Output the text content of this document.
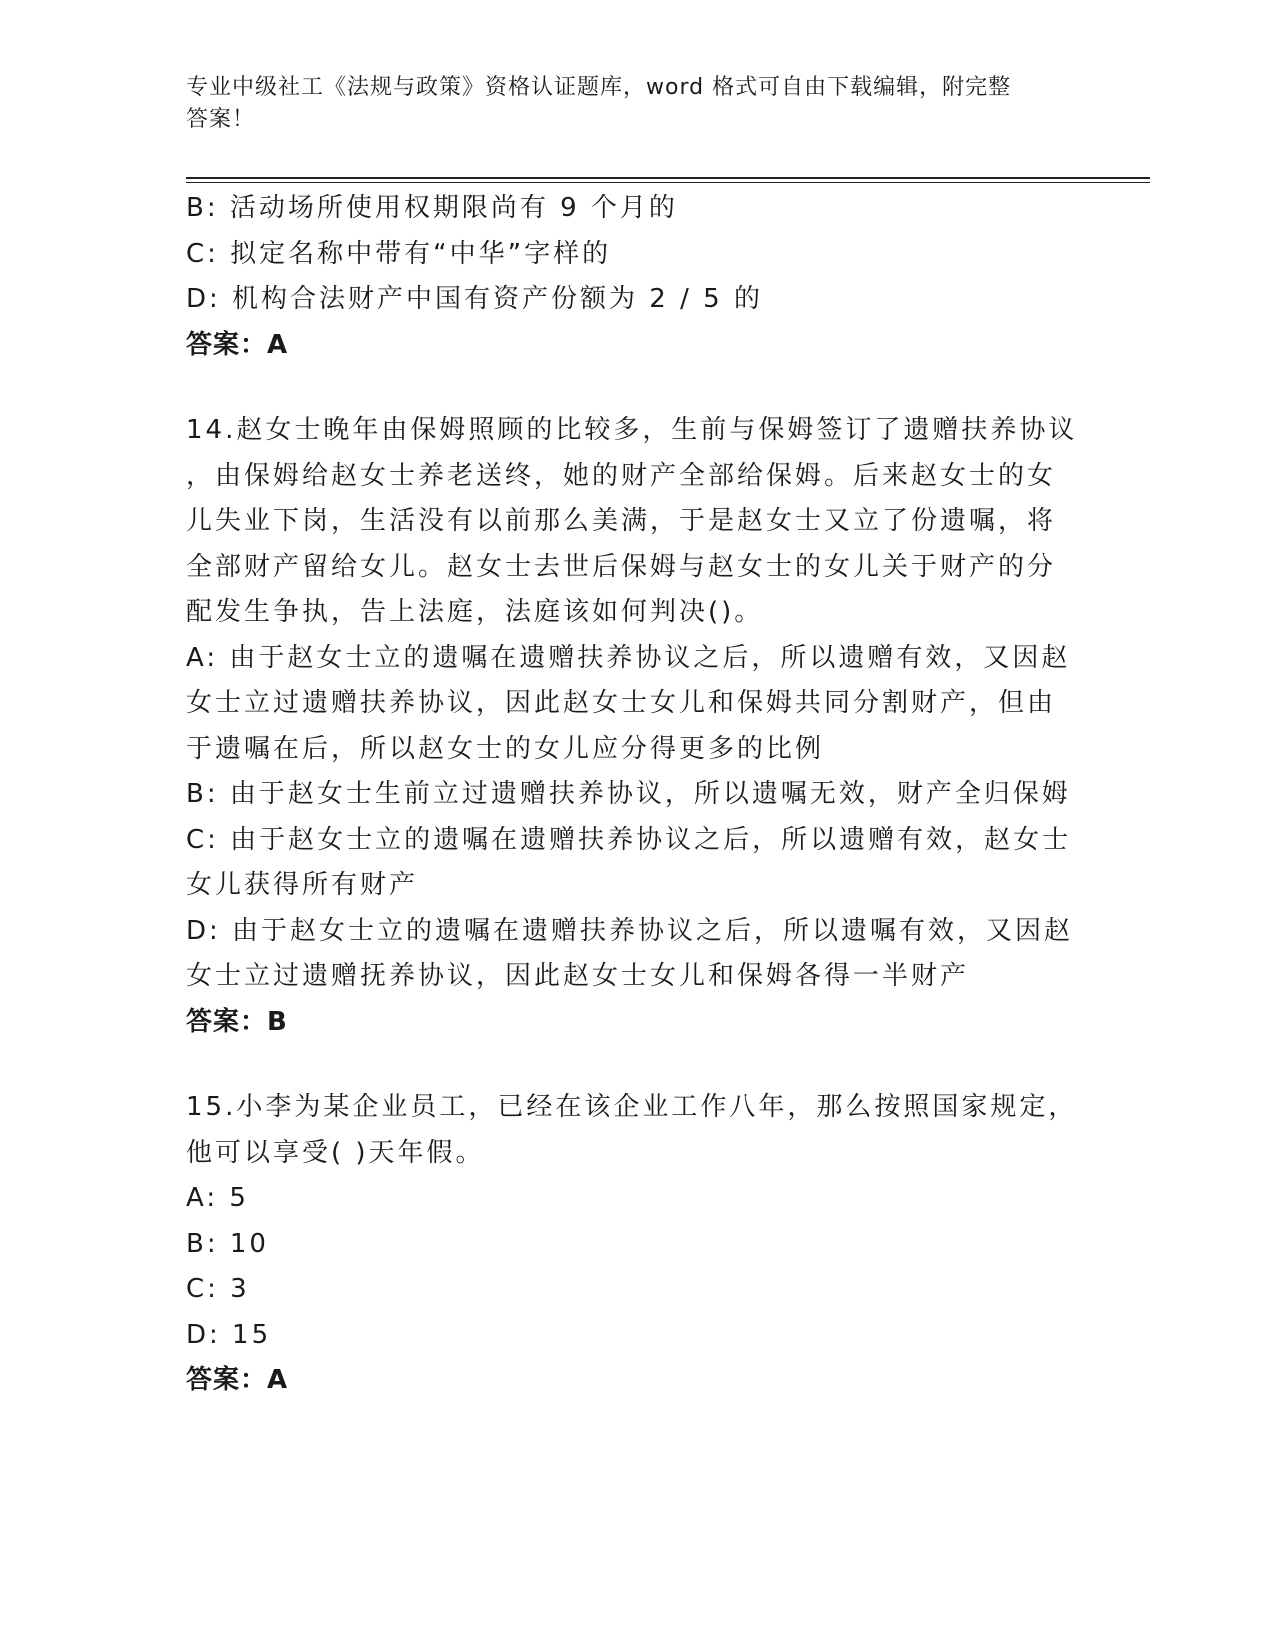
专业中级社工《法规与政策》资格认证题库，word 格式可自由下载编辑，附完整
答案！
B: 活动场所使用权期限尚有 9 个月的
C: 拟定名称中带有“中华”字样的
D: 机构合法财产中国有资产份额为 2 / 5 的
答案：A
14.赵女士晚年由保姆照顾的比较多，生前与保姆签订了遗赠扶养协议
，由保姆给赵女士养老送终，她的财产全部给保姆。后来赵女士的女
儿失业下岗，生活没有以前那么美满，于是赵女士又立了份遗嘱，将
全部财产留给女儿。赵女士去世后保姆与赵女士的女儿关于财产的分
配发生争执，告上法庭，法庭该如何判决()。
A: 由于赵女士立的遗嘱在遗赠扶养协议之后，所以遗赠有效，又因赵
女士立过遗赠扶养协议，因此赵女士女儿和保姆共同分割财产，但由
于遗嘱在后，所以赵女士的女儿应分得更多的比例
B: 由于赵女士生前立过遗赠扶养协议，所以遗嘱无效，财产全归保姆
C: 由于赵女士立的遗嘱在遗赠扶养协议之后，所以遗赠有效，赵女士
女儿获得所有财产
D: 由于赵女士立的遗嘱在遗赠扶养协议之后，所以遗嘱有效，又因赵
女士立过遗赠抚养协议，因此赵女士女儿和保姆各得一半财产
答案：B
15.小李为某企业员工，已经在该企业工作八年，那么按照国家规定，
他可以享受( )天年假。
A: 5
B: 10
C: 3
D: 15
答案：A
